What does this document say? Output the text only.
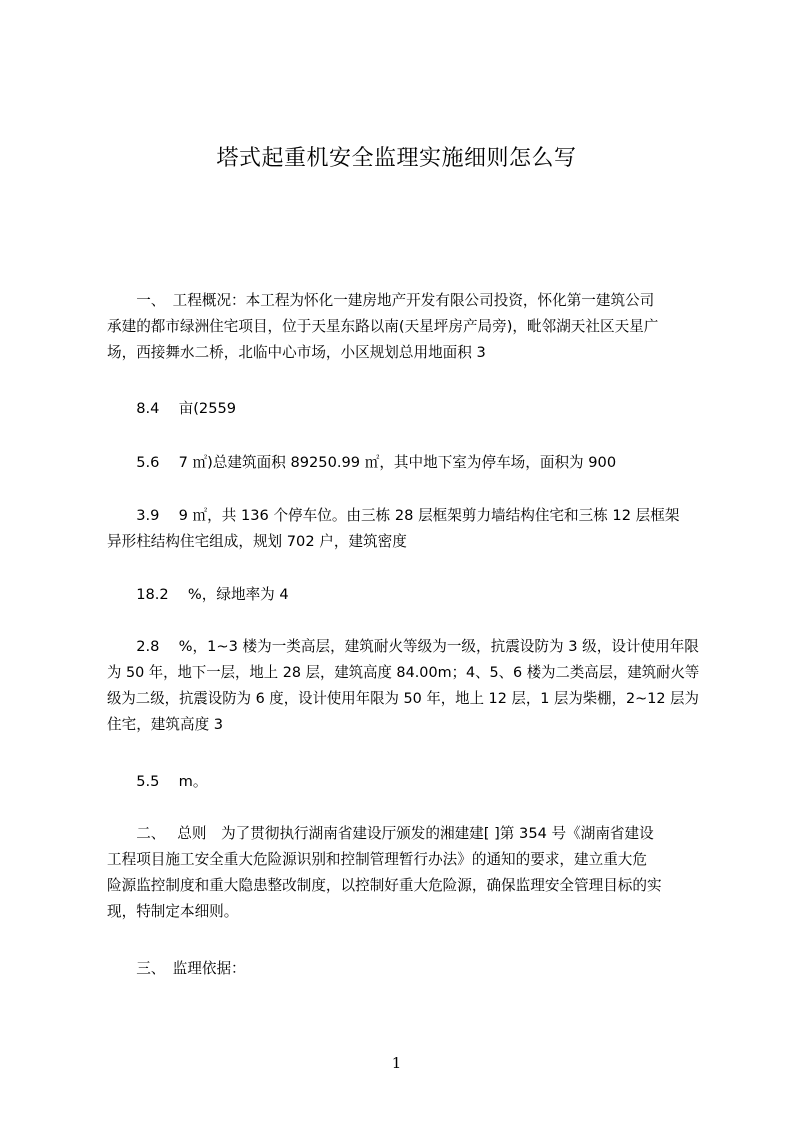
塔式起重机安全监理实施细则怎么写
　　一、　工程概况：本工程为怀化一建房地产开发有限公司投资，怀化第一建筑公司
承建的都市绿洲住宅项目，位于天星东路以南(天星坪房产局旁)，毗邻湖天社区天星广
场，西接舞水二桥，北临中心市场，小区规划总用地面积 3
　　8.4　 亩(2559
　　5.6　 7 ㎡)总建筑面积 89250.99 ㎡，其中地下室为停车场，面积为 900
　　3.9　 9 ㎡，共 136 个停车位。由三栋 28 层框架剪力墙结构住宅和三栋 12 层框架
异形柱结构住宅组成，规划 702 户，建筑密度
　　18.2　 %，绿地率为 4
　　2.8　 %，1~3 楼为一类高层，建筑耐火等级为一级，抗震设防为 3 级，设计使用年限
为 50 年，地下一层，地上 28 层，建筑高度 84.00m；4、5、6 楼为二类高层，建筑耐火等
级为二级，抗震设防为 6 度，设计使用年限为 50 年，地上 12 层，1 层为柴棚，2~12 层为
住宅，建筑高度 3
　　5.5　 m。
　　二、　 总则　为了贯彻执行湖南省建设厅颁发的湘建建[ ]第 354 号《湖南省建设
工程项目施工安全重大危险源识别和控制管理暂行办法》的通知的要求，建立重大危
险源监控制度和重大隐患整改制度，以控制好重大危险源，确保监理安全管理目标的实
现，特制定本细则。
　　三、　监理依据：
1
